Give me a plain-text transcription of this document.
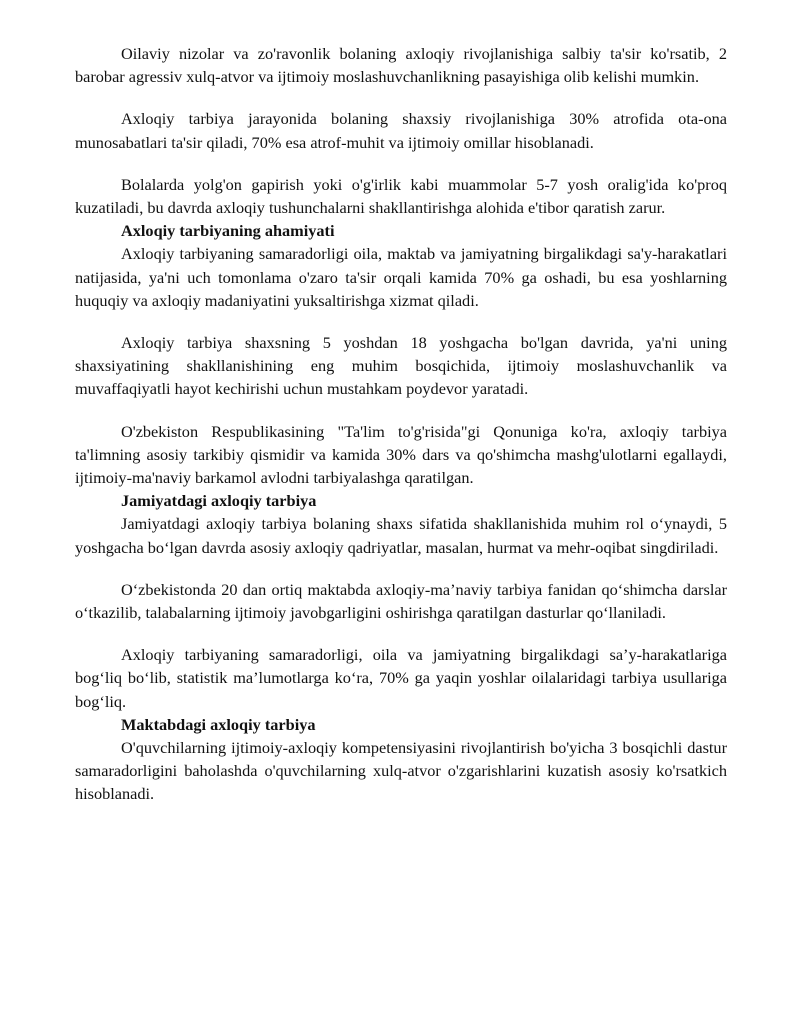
Oilaviy nizolar va zo'ravonlik bolaning axloqiy rivojlanishiga salbiy ta'sir ko'rsatib, 2 barobar agressiv xulq-atvor va ijtimoiy moslashuvchanlikning pasayishiga olib kelishi mumkin.

Axloqiy tarbiya jarayonida bolaning shaxsiy rivojlanishiga 30% atrofida ota-ona munosabatlari ta'sir qiladi, 70% esa atrof-muhit va ijtimoiy omillar hisoblanadi.

Bolalarda yolg'on gapirish yoki o'g'irlik kabi muammolar 5-7 yosh oralig'ida ko'proq kuzatiladi, bu davrda axloqiy tushunchalarni shakllantirishga alohida e'tibor qaratish zarur.

Axloqiy tarbiyaning ahamiyati

Axloqiy tarbiyaning samaradorligi oila, maktab va jamiyatning birgalikdagi sa'y-harakatlari natijasida, ya'ni uch tomonlama o'zaro ta'sir orqali kamida 70% ga oshadi, bu esa yoshlarning huquqiy va axloqiy madaniyatini yuksaltirishga xizmat qiladi.

Axloqiy tarbiya shaxsning 5 yoshdan 18 yoshgacha bo'lgan davrida, ya'ni uning shaxsiyatining shakllanishining eng muhim bosqichida, ijtimoiy moslashuvchanlik va muvaffaqiyatli hayot kechirishi uchun mustahkam poydevor yaratadi.

O'zbekiston Respublikasining "Ta'lim to'g'risida"gi Qonuniga ko'ra, axloqiy tarbiya ta'limning asosiy tarkibiy qismidir va kamida 30% dars va qo'shimcha mashg'ulotlarni egallaydi, ijtimoiy-ma'naviy barkamol avlodni tarbiyalashga qaratilgan.

Jamiyatdagi axloqiy tarbiya

Jamiyatdagi axloqiy tarbiya bolaning shaxs sifatida shakllanishida muhim rol o‘ynaydi, 5 yoshgacha bo‘lgan davrda asosiy axloqiy qadriyatlar, masalan, hurmat va mehr-oqibat singdiriladi.

O‘zbekistonda 20 dan ortiq maktabda axloqiy-ma’naviy tarbiya fanidan qo‘shimcha darslar o‘tkazilib, talabalarning ijtimoiy javobgarligini oshirishga qaratilgan dasturlar qo‘llaniladi.

Axloqiy tarbiyaning samaradorligi, oila va jamiyatning birgalikdagi sa’y-harakatlariga bog‘liq bo‘lib, statistik ma’lumotlarga ko‘ra, 70% ga yaqin yoshlar oilalaridagi tarbiya usullariga bog‘liq.

Maktabdagi axloqiy tarbiya

O'quvchilarning ijtimoiy-axloqiy kompetensiyasini rivojlantirish bo'yicha 3 bosqichli dastur samaradorligini baholashda o'quvchilarning xulq-atvor o'zgarishlarini kuzatish asosiy ko'rsatkich hisoblanadi.
